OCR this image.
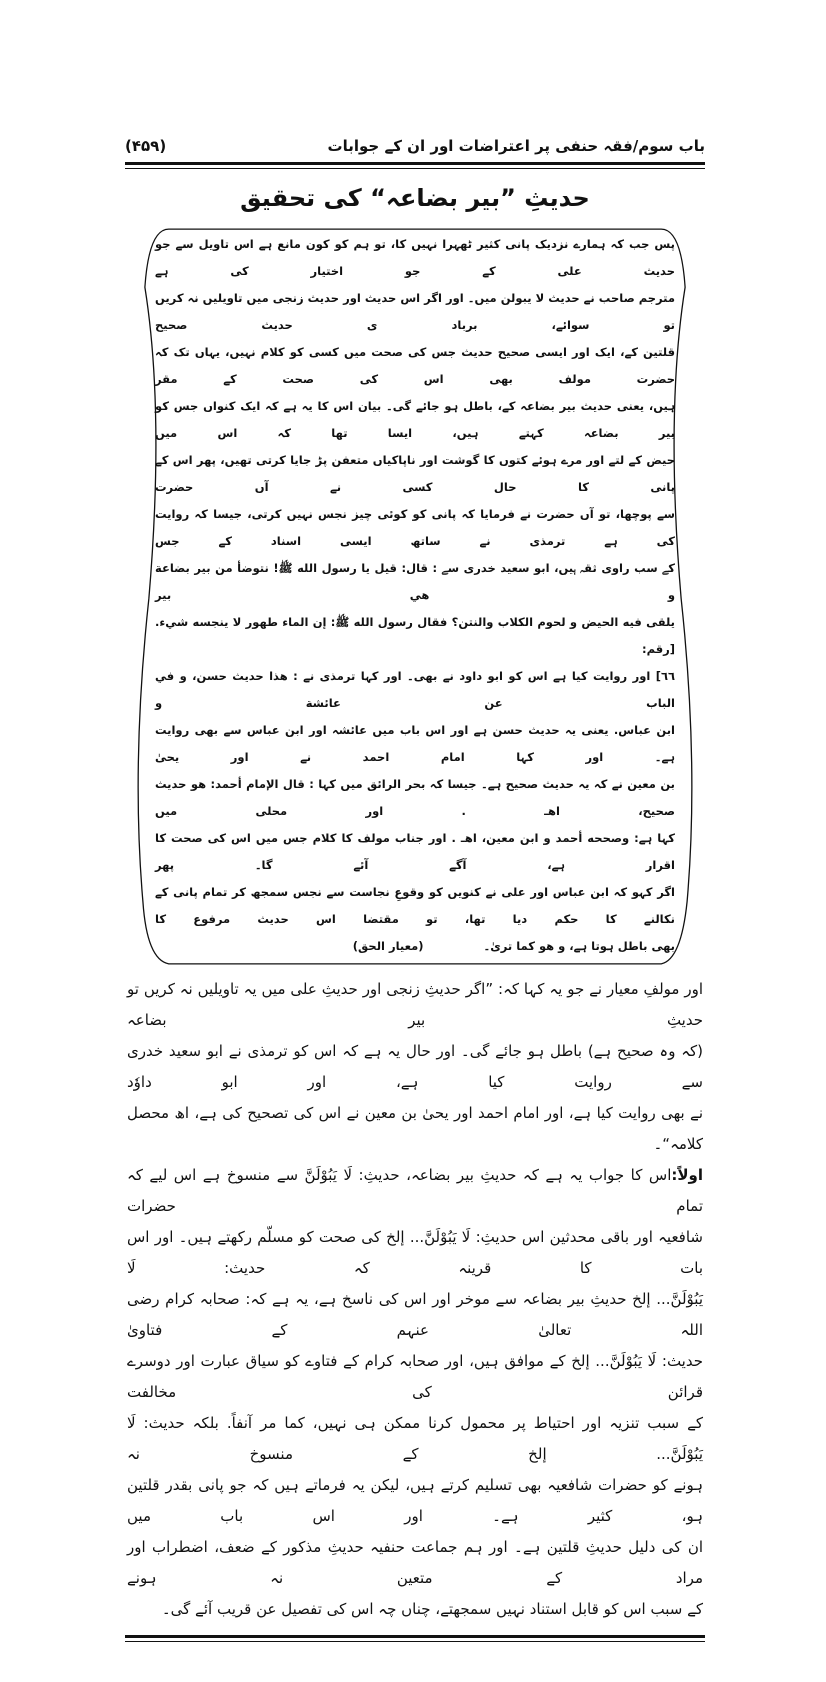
باب سوم/فقہ حنفی پر اعتراضات اور ان کے جوابات
(۴۵۹)
حدیثِ ”بیر بضاعہ“ کی تحقیق
پس جب کہ ہمارے نزدیک پانی کثیر ٹھہرا نہیں کا، تو ہم کو کون مانع ہے اس تاویل سے جو حدیث علی کے جو اختیار کی ہے
مترجم صاحب نے حدیث لا یبولن میں۔ اور اگر اس حدیث اور حدیث زنجی میں تاویلیں نہ کریں تو سوائے، برباد ی حدیث صحیح
قلتین کے، ایک اور ایسی صحیح حدیث جس کی صحت میں کسی کو کلام نہیں، یہاں تک کہ حضرت مولف بھی اس کی صحت کے مقر
ہیں، یعنی حدیث بیر بضاعہ کے، باطل ہو جائے گی۔ بیان اس کا یہ ہے کہ ایک کنواں جس کو بیر بضاعہ کہتے ہیں، ایسا تھا کہ اس میں
حیض کے لتے اور مرے ہوئے کتوں کا گوشت اور ناپاکیاں متعفن پڑ جایا کرتی تھیں، پھر اس کے پانی کا حال کسی نے آں حضرت
سے پوچھا، تو آں حضرت نے فرمایا کہ پانی کو کوئی چیز نجس نہیں کرتی، جیسا کہ روایت کی ہے ترمذی نے ساتھ ایسی اسناد کے جس
کے سب راوی ثقہ ہیں، ابو سعید خدری سے : قال: قيل يا رسول الله ﷺ! نتوضأ من بير بضاعة و هي بير
يلقى فيه الحيض و لحوم الكلاب والنتن؟ فقال رسول الله ﷺ: إن الماء طهور لا ينجسه شيء. [رقم:
٦٦] اور روایت کیا ہے اس کو ابو داود نے بھی۔ اور کہا ترمذی نے : هذا حديث حسن، و في الباب عن عائشة و
ابن عباس. یعنی یہ حدیث حسن ہے اور اس باب میں عائشہ اور ابن عباس سے بھی روایت ہے۔ اور کہا امام احمد نے اور یحیٰ
بن معین نے کہ یہ حدیث صحیح ہے۔ جیسا کہ بحر الرائق میں کہا : قال الإمام أحمد: هو حديث صحيح، اهـ . اور محلی میں
کہا ہے: وصححه أحمد و ابن معين، اهـ . اور جناب مولف کا کلام جس میں اس کی صحت کا اقرار ہے، آگے آئے گا۔ پھر
اگر کہو کہ ابن عباس اور علی نے کنویں کو وقوعِ نجاست سے نجس سمجھ کر تمام پانی کے نکالنے کا حکم دیا تھا، تو مقتضا اس حدیث مرفوع کا
بھی باطل ہوتا ہے، و هو کما تریٰ۔(معیار الحق)
اور مولفِ معیار نے جو یہ کہا کہ: ”اگر حدیثِ زنجی اور حدیثِ علی میں یہ تاویلیں نہ کریں تو حدیثِ بیر بضاعہ
(کہ وہ صحیح ہے) باطل ہو جائے گی۔ اور حال یہ ہے کہ اس کو ترمذی نے ابو سعید خدری سے روایت کیا ہے، اور ابو داوٗد
نے بھی روایت کیا ہے، اور امام احمد اور یحیٰ بن معین نے اس کی تصحیح کی ہے، اھ محصل کلامہ“۔
اولاً:اس کا جواب یہ ہے کہ حدیثِ بیر بضاعہ، حدیثِ: لَا يَبُوْلَنَّ سے منسوخ ہے اس لیے کہ تمام حضرات
شافعیہ اور باقی محدثین اس حدیثِ: لَا يَبُوْلَنَّ... إلخ کی صحت کو مسلّم رکھتے ہیں۔ اور اس بات کا قرینہ کہ حدیث: لَا
يَبُوْلَنَّ... إلخ حدیثِ بیر بضاعہ سے موخر اور اس کی ناسخ ہے، یہ ہے کہ: صحابہ کرام رضی اللہ تعالیٰ عنہم کے فتاویٰ
حدیث: لَا يَبُوْلَنَّ... إلخ کے موافق ہیں، اور صحابہ کرام کے فتاوے کو سیاق عبارت اور دوسرے قرائن کی مخالفت
کے سبب تنزیہ اور احتیاط پر محمول کرنا ممکن ہی نہیں، کما مر آنفاً. بلکہ حدیث: لَا يَبُوْلَنَّ... إلخ کے منسوخ نہ
ہونے کو حضرات شافعیہ بھی تسلیم کرتے ہیں، لیکن یہ فرماتے ہیں کہ جو پانی بقدر قلتین ہو، کثیر ہے۔ اور اس باب میں
ان کی دلیل حدیثِ قلتین ہے۔ اور ہم جماعت حنفیہ حدیثِ مذکور کے ضعف، اضطراب اور مراد کے متعین نہ ہونے
کے سبب اس کو قابل استناد نہیں سمجھتے، چناں چہ اس کی تفصیل عن قریب آئے گی۔
